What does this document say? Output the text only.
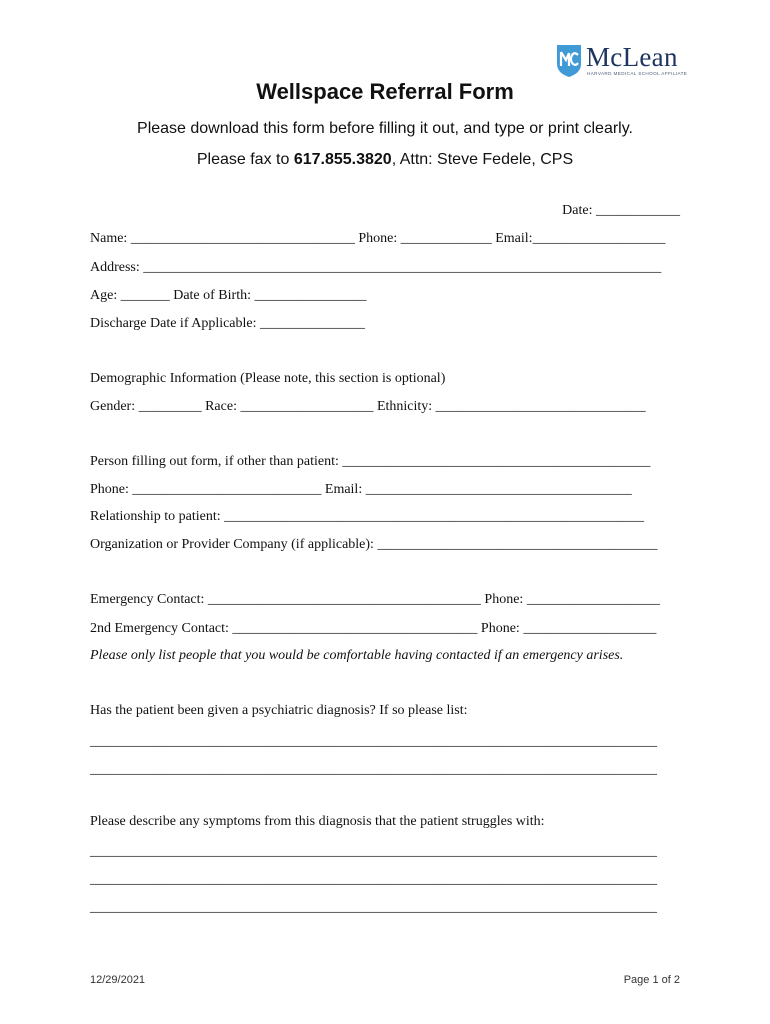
McLean
HARVARD MEDICAL SCHOOL AFFILIATE
Wellspace Referral Form
Please download this form before filling it out, and type or print clearly.
Please fax to 617.855.3820, Attn: Steve Fedele, CPS
Date: ____________
Name: ________________________________ Phone: _____________ Email:___________________
Address: __________________________________________________________________________
Age: _______ Date of Birth: ________________
Discharge Date if Applicable: _______________
Demographic Information (Please note, this section is optional)
Gender: _________ Race: ___________________ Ethnicity: ______________________________
Person filling out form, if other than patient: ____________________________________________
Phone: ___________________________ Email: ______________________________________
Relationship to patient: ____________________________________________________________
Organization or Provider Company (if applicable): ________________________________________
Emergency Contact: _______________________________________ Phone: ___________________
2nd Emergency Contact: ___________________________________ Phone: ___________________
Please only list people that you would be comfortable having contacted if an emergency arises.
Has the patient been given a psychiatric diagnosis? If so please list:
_________________________________________________________________________________
_________________________________________________________________________________
Please describe any symptoms from this diagnosis that the patient struggles with:
_________________________________________________________________________________
_________________________________________________________________________________
_________________________________________________________________________________
12/29/2021	Page 1 of 2
